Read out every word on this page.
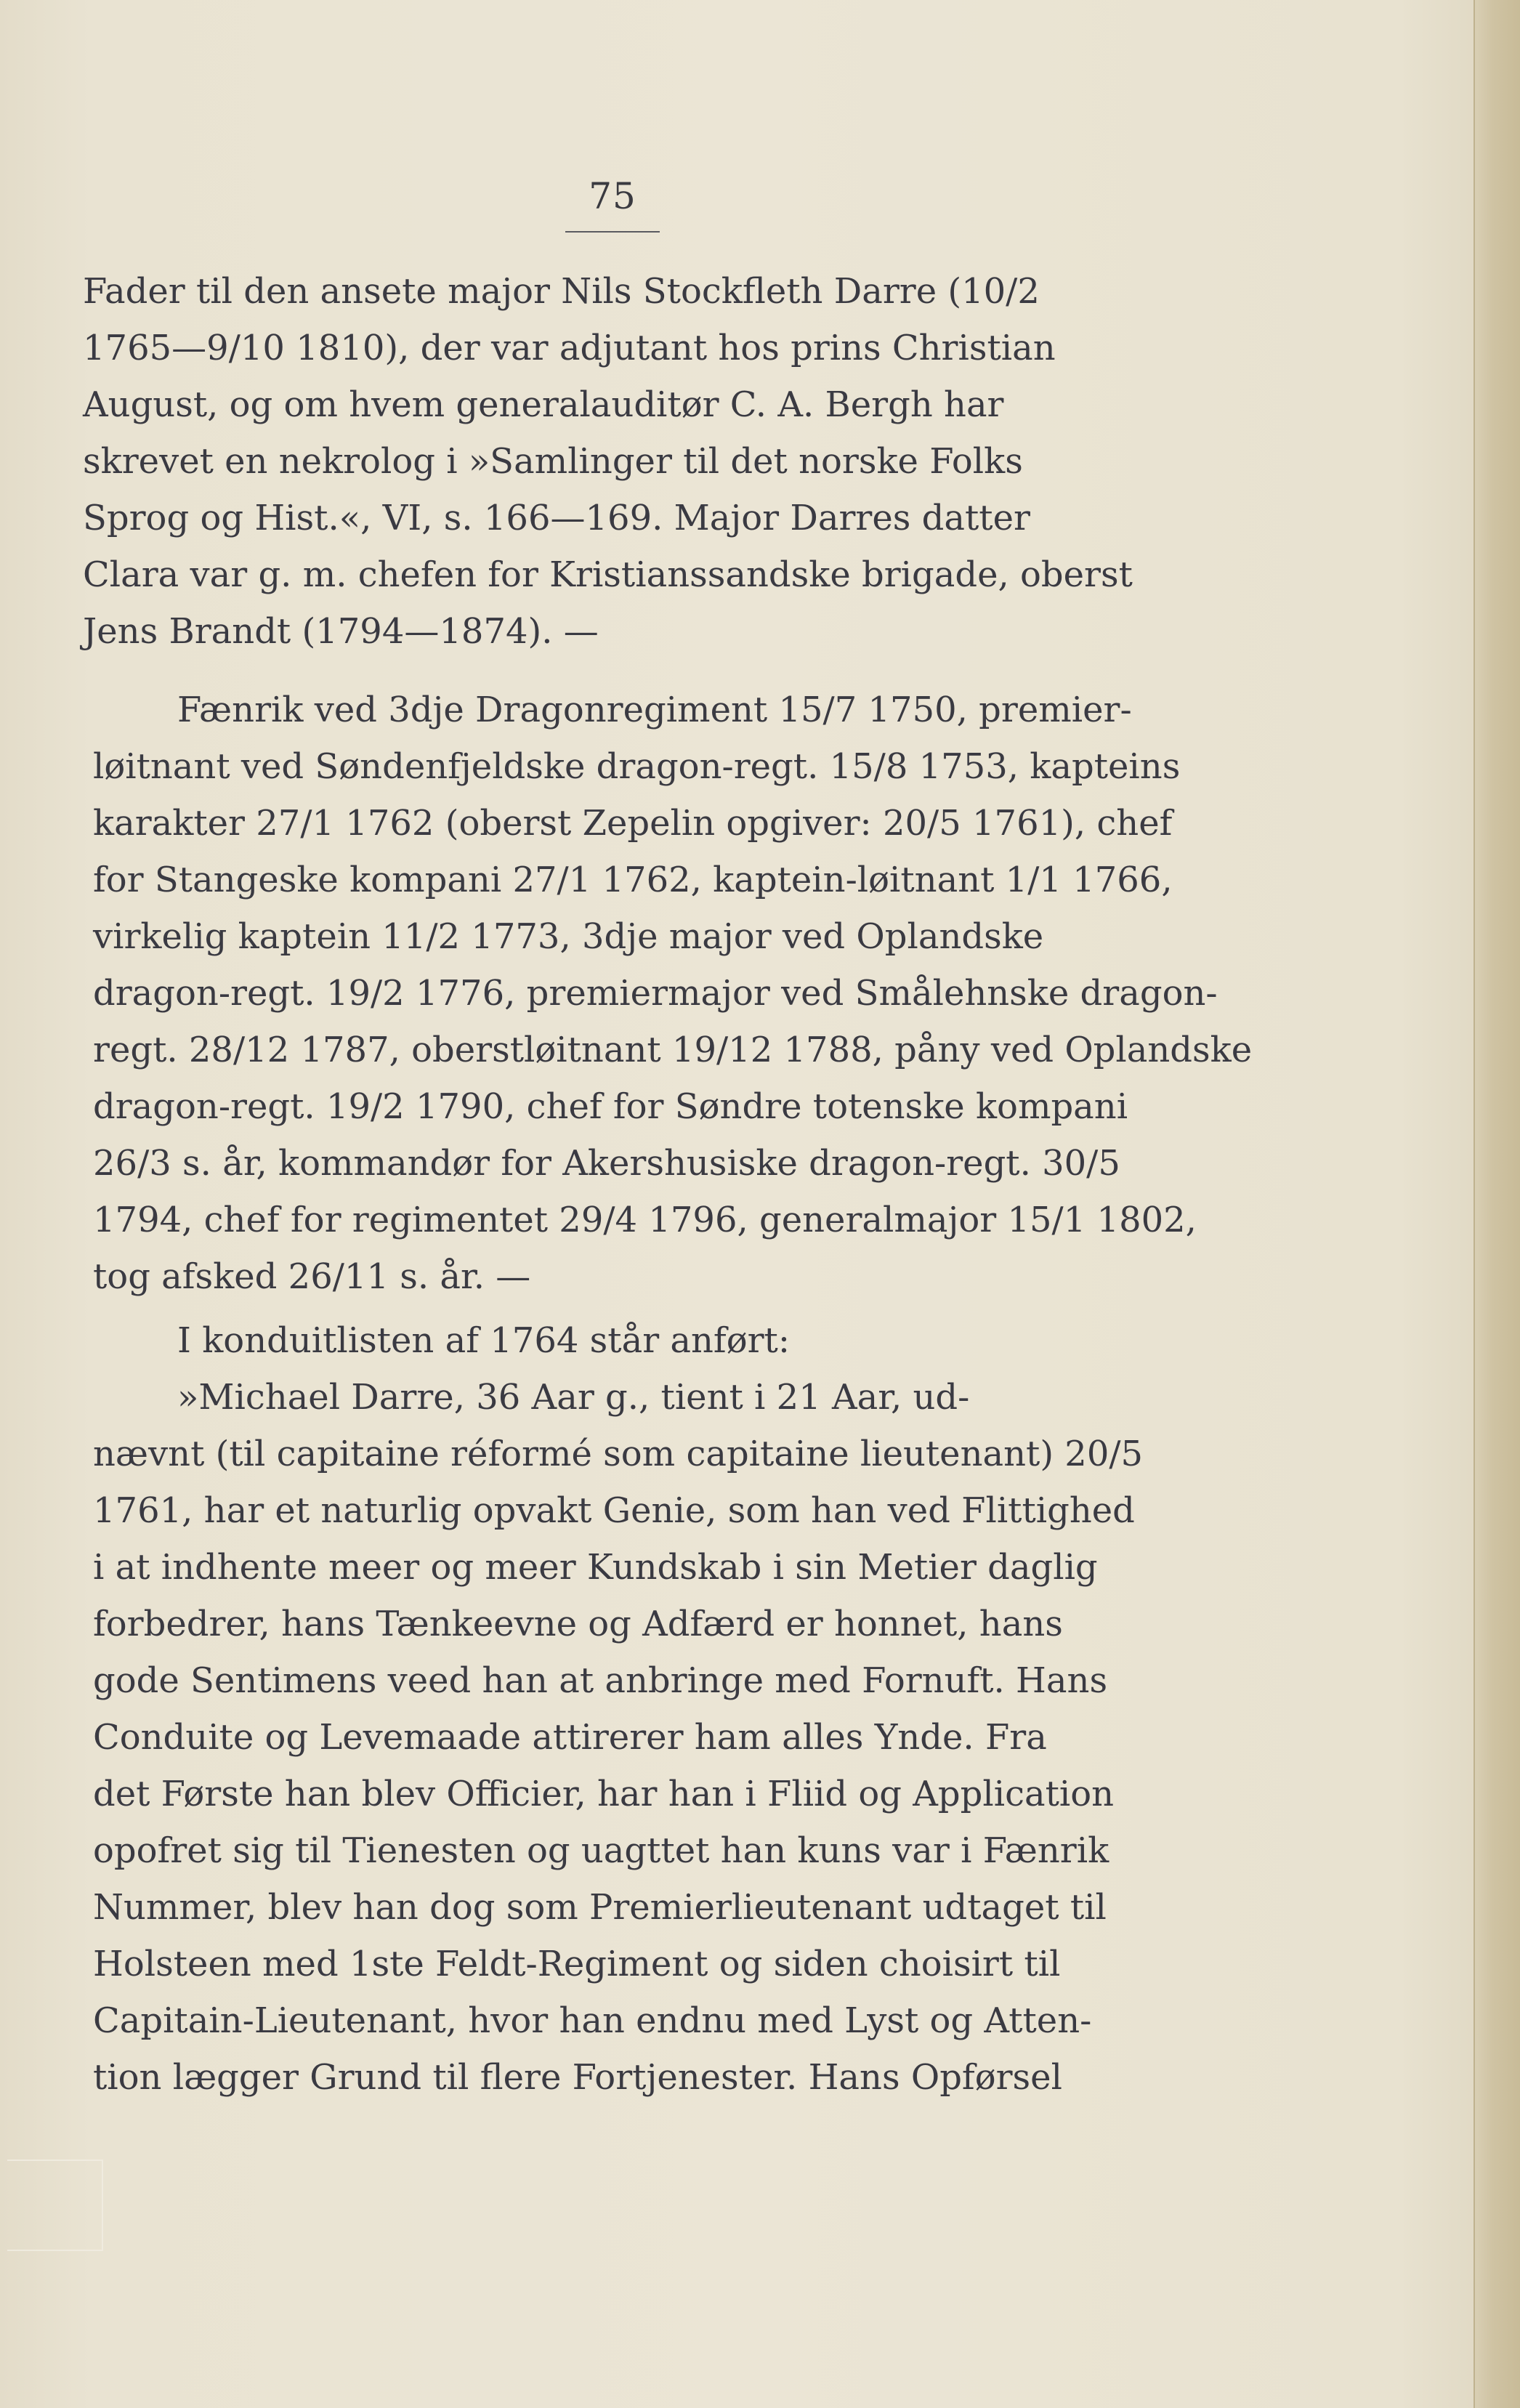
75
Fader til den ansete major Nils Stockfleth Darre (10/2
1765—9/10 1810), der var adjutant hos prins Christian
August, og om hvem generalauditør C. A. Bergh har
skrevet en nekrolog i »Samlinger til det norske Folks
Sprog og Hist.«, VI, s. 166—169. Major Darres datter
Clara var g. m. chefen for Kristianssandske brigade, oberst
Jens Brandt (1794—1874). —
Fænrik ved 3dje Dragonregiment 15/7 1750, premier-
løitnant ved Søndenfjeldske dragon-regt. 15/8 1753, kapteins
karakter 27/1 1762 (oberst Zepelin opgiver: 20/5 1761), chef
for Stangeske kompani 27/1 1762, kaptein-løitnant 1/1 1766,
virkelig kaptein 11/2 1773, 3dje major ved Oplandske
dragon-regt. 19/2 1776, premiermajor ved Smålehnske dragon-
regt. 28/12 1787, oberstløitnant 19/12 1788, påny ved Oplandske
dragon-regt. 19/2 1790, chef for Søndre totenske kompani
26/3 s. år, kommandør for Akershusiske dragon-regt. 30/5
1794, chef for regimentet 29/4 1796, generalmajor 15/1 1802,
tog afsked 26/11 s. år. —
I konduitlisten af 1764 står anført:
»Michael Darre, 36 Aar g., tient i 21 Aar, ud-
nævnt (til capitaine réformé som capitaine lieutenant) 20/5
1761, har et naturlig opvakt Genie, som han ved Flittighed
i at indhente meer og meer Kundskab i sin Metier daglig
forbedrer, hans Tænkeevne og Adfærd er honnet, hans
gode Sentimens veed han at anbringe med Fornuft. Hans
Conduite og Levemaade attirerer ham alles Ynde. Fra
det Første han blev Officier, har han i Fliid og Application
opofret sig til Tienesten og uagttet han kuns var i Fænrik
Nummer, blev han dog som Premierlieutenant udtaget til
Holsteen med 1ste Feldt-Regiment og siden choisirt til
Capitain-Lieutenant, hvor han endnu med Lyst og Atten-
tion lægger Grund til flere Fortjenester. Hans Opførsel
